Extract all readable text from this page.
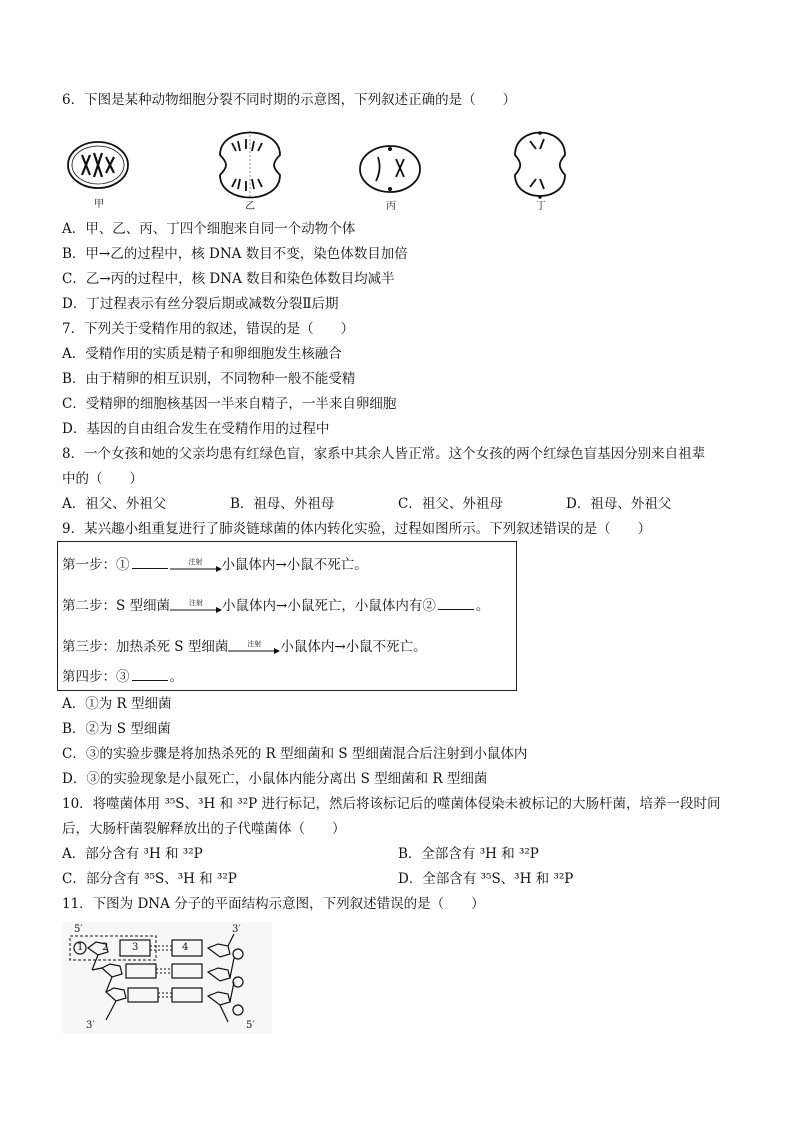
6．下图是某种动物细胞分裂不同时期的示意图，下列叙述正确的是（　　）
甲	乙	丙	丁
A．甲、乙、丙、丁四个细胞来自同一个动物个体
B．甲→乙的过程中，核 DNA 数目不变，染色体数目加倍
C．乙→丙的过程中，核 DNA 数目和染色体数目均减半
D．丁过程表示有丝分裂后期或减数分裂Ⅱ后期
7．下列关于受精作用的叙述，错误的是（　　）
A．受精作用的实质是精子和卵细胞发生核融合
B．由于精卵的相互识别，不同物种一般不能受精
C．受精卵的细胞核基因一半来自精子，一半来自卵细胞
D．基因的自由组合发生在受精作用的过程中
8．一个女孩和她的父亲均患有红绿色盲，家系中其余人皆正常。这个女孩的两个红绿色盲基因分别来自祖辈
中的（　　）
A．祖父、外祖父	B．祖母、外祖母	C．祖父、外祖母	D．祖母、外祖父
9．某兴趣小组重复进行了肺炎链球菌的体内转化实验，过程如图所示。下列叙述错误的是（　　）
第一步：①	注射	小鼠体内→小鼠不死亡。
第二步：S 型细菌	注射	小鼠体内→小鼠死亡，小鼠体内有②	。
第三步：加热杀死 S 型细菌	注射	小鼠体内→小鼠不死亡。
第四步：③	。
A．①为 R 型细菌
B．②为 S 型细菌
C．③的实验步骤是将加热杀死的 R 型细菌和 S 型细菌混合后注射到小鼠体内
D．③的实验现象是小鼠死亡，小鼠体内能分离出 S 型细菌和 R 型细菌
10．将噬菌体用 ³⁵S、³H 和 ³²P 进行标记，然后将该标记后的噬菌体侵染未被标记的大肠杆菌，培养一段时间
后，大肠杆菌裂解释放出的子代噬菌体（　　）
A．部分含有 ³H 和 ³²P	B．全部含有 ³H 和 ³²P
C．部分含有 ³⁵S、³H 和 ³²P	D．全部含有 ³⁵S、³H 和 ³²P
11．下图为 DNA 分子的平面结构示意图，下列叙述错误的是（　　）
5′	3′
3′	5′
1 2 3	4
